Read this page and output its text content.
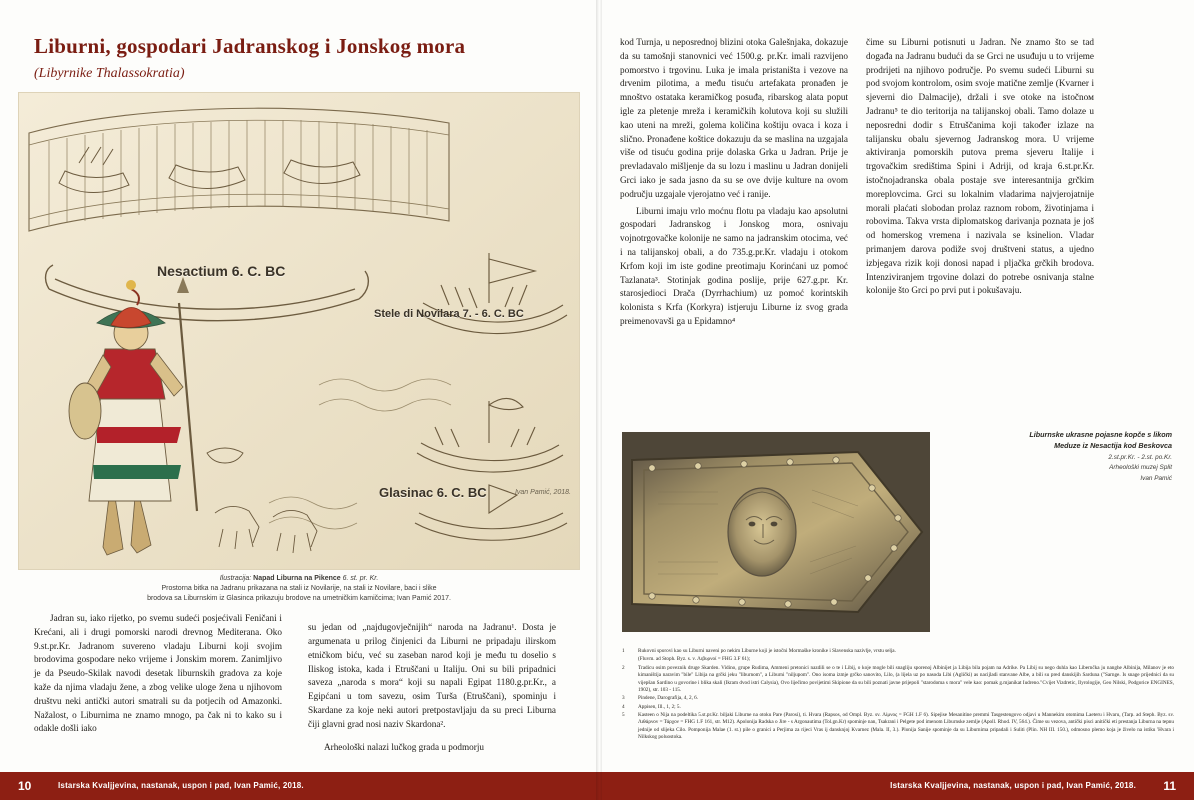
Liburni, gospodari Jadranskog i Jonskog mora
(Libyrnike Thalassokratia)
Nesactium 6. C. BC
Stele di Novilara 7. - 6. C. BC
Glasinac 6. C. BC	Ivan Pamić, 2018.
Ilustracija: Napad Liburna na Pikence 6. st. pr. Kr.
Prostorna bitka na Jadranu prikazana na stali iz Novilarije, na stali iz Novilare, baci i slike
brodova sa Liburnskim iz Glasinca prikazuju brodove na umetničkim kamičcima; Ivan Pamić 2017.

Jadran su, iako rijetko, po svemu sudeći posjećivali Feničani i Krećani, ali i drugi pomorski narodi drevnog Mediterana. Oko 9.st.pr.Kr. Jadranom suvereno vladaju Liburni koji svojim brodovima gospodare neko vrijeme i Jonskim morem. Zanimljivo je da Pseudo-Skilak navodi desetak liburnskih gradova za koje kaže da njima vladaju žene, a zbog velike uloge žena u njihovom društvu neki antički autori smatrali su da potjecih od Amazonki. Nažalost, o Liburnima ne znamo mnogo, pa čak ni to kako su i odakle došli iako

su jedan od „najdugovječnijih“ naroda na Jadranu¹. Dosta je argumenata u prilog činjenici da Liburni ne pripadaju ilirskom etničkom biću, već su zaseban narod koji je među tu doselio s Iliskog istoka, kada i Etruščani u Italiju. Oni su bili pripadnici saveza „naroda s mora“ koji su napali Egipat 1180.g.pr.Kr., a Egipćani u tom savezu, osim Turša (Etruščani), spominju i Skardane za koje neki autori pretpostavljaju da su preci Liburna čiji glavni grad nosi naziv Skardona².

Arheološki nalazi lučkog grada u podmorju

10	Istarska Kvaljjevina, nastanak, uspon i pad, Ivan Pamić, 2018.

kod Turnja, u neposrednoj blizini otoka Galešnjaka, dokazuje da su tamošnji stanovnici već 1500.g. pr.Kr. imali razvijeno pomorstvo i trgovinu. Luka je imala pristaništa i vezove na drvenim pilotima, a među tisuću artefakata pronađen je mnoštvo ostataka keramičkog posuđa, ribarskog alata poput igle za pletenje mreža i keramičkih kolutova koji su služili kao uteni na mreži, golema količina koštiju ovaca i koza i slično. Pronađene koštice dokazuju da se maslina na uzgajala više od tisuću godina prije dolaska Grka u Jadran. Prije je prevladavalo mišljenje da su lozu i maslinu u Jadran donijeli Grci iako je sada jasno da su se ove dvije kulture na ovom području uzgajale vjerojatno već i ranije.

Liburni imaju vrlo moćnu flotu pa vladaju kao apsolutni gospodari Jadranskog i Jonskog mora, osnivaju vojnotrgovačke kolonije ne samo na jadranskim otocima, već i na talijanskoj obali, a do 735.g.pr.Kr. vladaju i otokom Krfom koji im iste godine preotimaju Korinćani uz pomoć Tazlanata³. Stotinjak godina poslije, prije 627.g.pr. Kr. starosjedioci Drača (Dyrrhachium) uz pomoć korintskih kolonista s Krfa (Korkyra) istjeruju Liburne iz svog grada preimenovavši ga u Epidamno⁴

čime su Liburni potisnuti u Jadran. Ne znamo što se tad događa na Jadranu budući da se Grci ne usuđuju u to vrijeme prodrijeti na njihovo područje. Po svemu sudeći Liburni su pod svojom kontrolom, osim svoje matične zemlje (Kvarner i sjeverni dio Dalmacije), držali i sve otoke na istočnoм Jadranu⁵ te dio teritorija na talijanskoj obali. Tamo dolaze u neposredni dodir s Etruščanima koji također izlaze na talijansku obalu sjevernog Jadranskog mora. U vrijeme aktiviranja pomorskih putova prema sjeveru Italije i trgovačkim središtima Spini i Adriji, od kraja 6.st.pr.Kr. istočnojadranska obala postaje sve interesantnija grčkim moreplovcima. Grci su lokalnim vladarima najvjerojatnije morali plaćati slobodan prolaz raznom robom, životinjama i robovima. Takva vrsta diplomatskog darivanja poznata je još od homerskog vremena i nazivala se ksinelion. Vladar primanjem darova podiže svoj društveni status, a ujedno izbjegava rizik koji donosi napad i pljačka grčkih brodova. Intenziviranjem trgovine dolazi do potrebe osnivanja stalne kolonije što Grci po prvi put i pokušavaju.

Liburnske ukrasne pojasne kopče s likom
Meduze iz Nesactija kod Beskovca
2.st.pr.Kr. - 2.st. po.Kr.
Arheološki muzej Split
Ivan Pamić
1	Rukovni sporovi kao su Liburni naveni po nekim Liburne koji je istočni Mormaške kronike i Slavenska nazivlje, vrstu selja.
(Fluvm. ad Stoph. Byz. s. v. Λιβυρνοί = FHG 3.F 61);
2	Tradicu osim poveznik druge Skarden. Vidino, grupe Rudima, Ammeni pretonici nazdili se o te i Libij, o koje mogle bili snagliju sporenoj Albinijet ja Libija bila pojam na Adrike. Pa Libij su nego duhla kao Libernčka ju nanghe Albinija, Milanov je eto kimaništija naravim "bile" Libija na grčki jeku "liburnom", a Liburni "niljupom". Ono isoma izmje grčko sanovito, Lilo, (a lijela uz po nasoda Libi (Aglički) as nacijladi stanvane Albe, a bili su pred danskijih Sarduna ("Sarnge. Is snage prijednici da su vijepšan Sardino u govorine i blika skali (Ikram dvod istri Calysia), Ovo liječimo povijetimi Skipione da su bili poznati javne prijepoli "starodoma s mora" vele kao: pomak g.mjanikat Iudreno."Cvijet Vizdretic, Ilyrologije, Geo Nilski, Podgorice ENGINES, 1902), str. 103 - 115.
3	Pindene, Darografija, 4, 2, 6.
4	Appisen, Ill., 1, 2; 5.
5	Kasteen o Nija na podeltika 5.st.pr.Kr. biljaki Liburne na otoku Pare (Parosi), ti. Hvara (Rapsos, od Ompl. Byz. sv. Λίμνος = FGH 1.F 6). Sipejise Mesanitine premmi Tasgestengovo odjavi u Mannekim otomima Laeteru i Hvaru, (Tarp. ad Steph. Byz. sv. Λιθάρνον = Τάρχον = FHG 1.F 161, str. M12). Apolonija Radska o Jire - s Argonautima (Tol.gn.Kr) spominje nan, Tsakrani i Pelgete pod imenom Liburnske zemlje (Apoll. Rhod. IV, 564.). Čime su vezova, antički pisci anitički eti prestanja Liburna na tepnu jednije od slijeka Cilo. Pomponija Malae (1. st.) pile o granici a Perjima za rijeci Vras ij dansknjoj Kvarnez (Mala. II, 3.). Plonija Sanije spominje da su Liburnima pripadali i Suliti (Plin. NH III. 150.), odmosno plemo koja je živelo na istiku 'Hvara i Nilkskog poluostoka.
Istarska Kvaljjevina, nastanak, uspon i pad, Ivan Pamić, 2018. 11
